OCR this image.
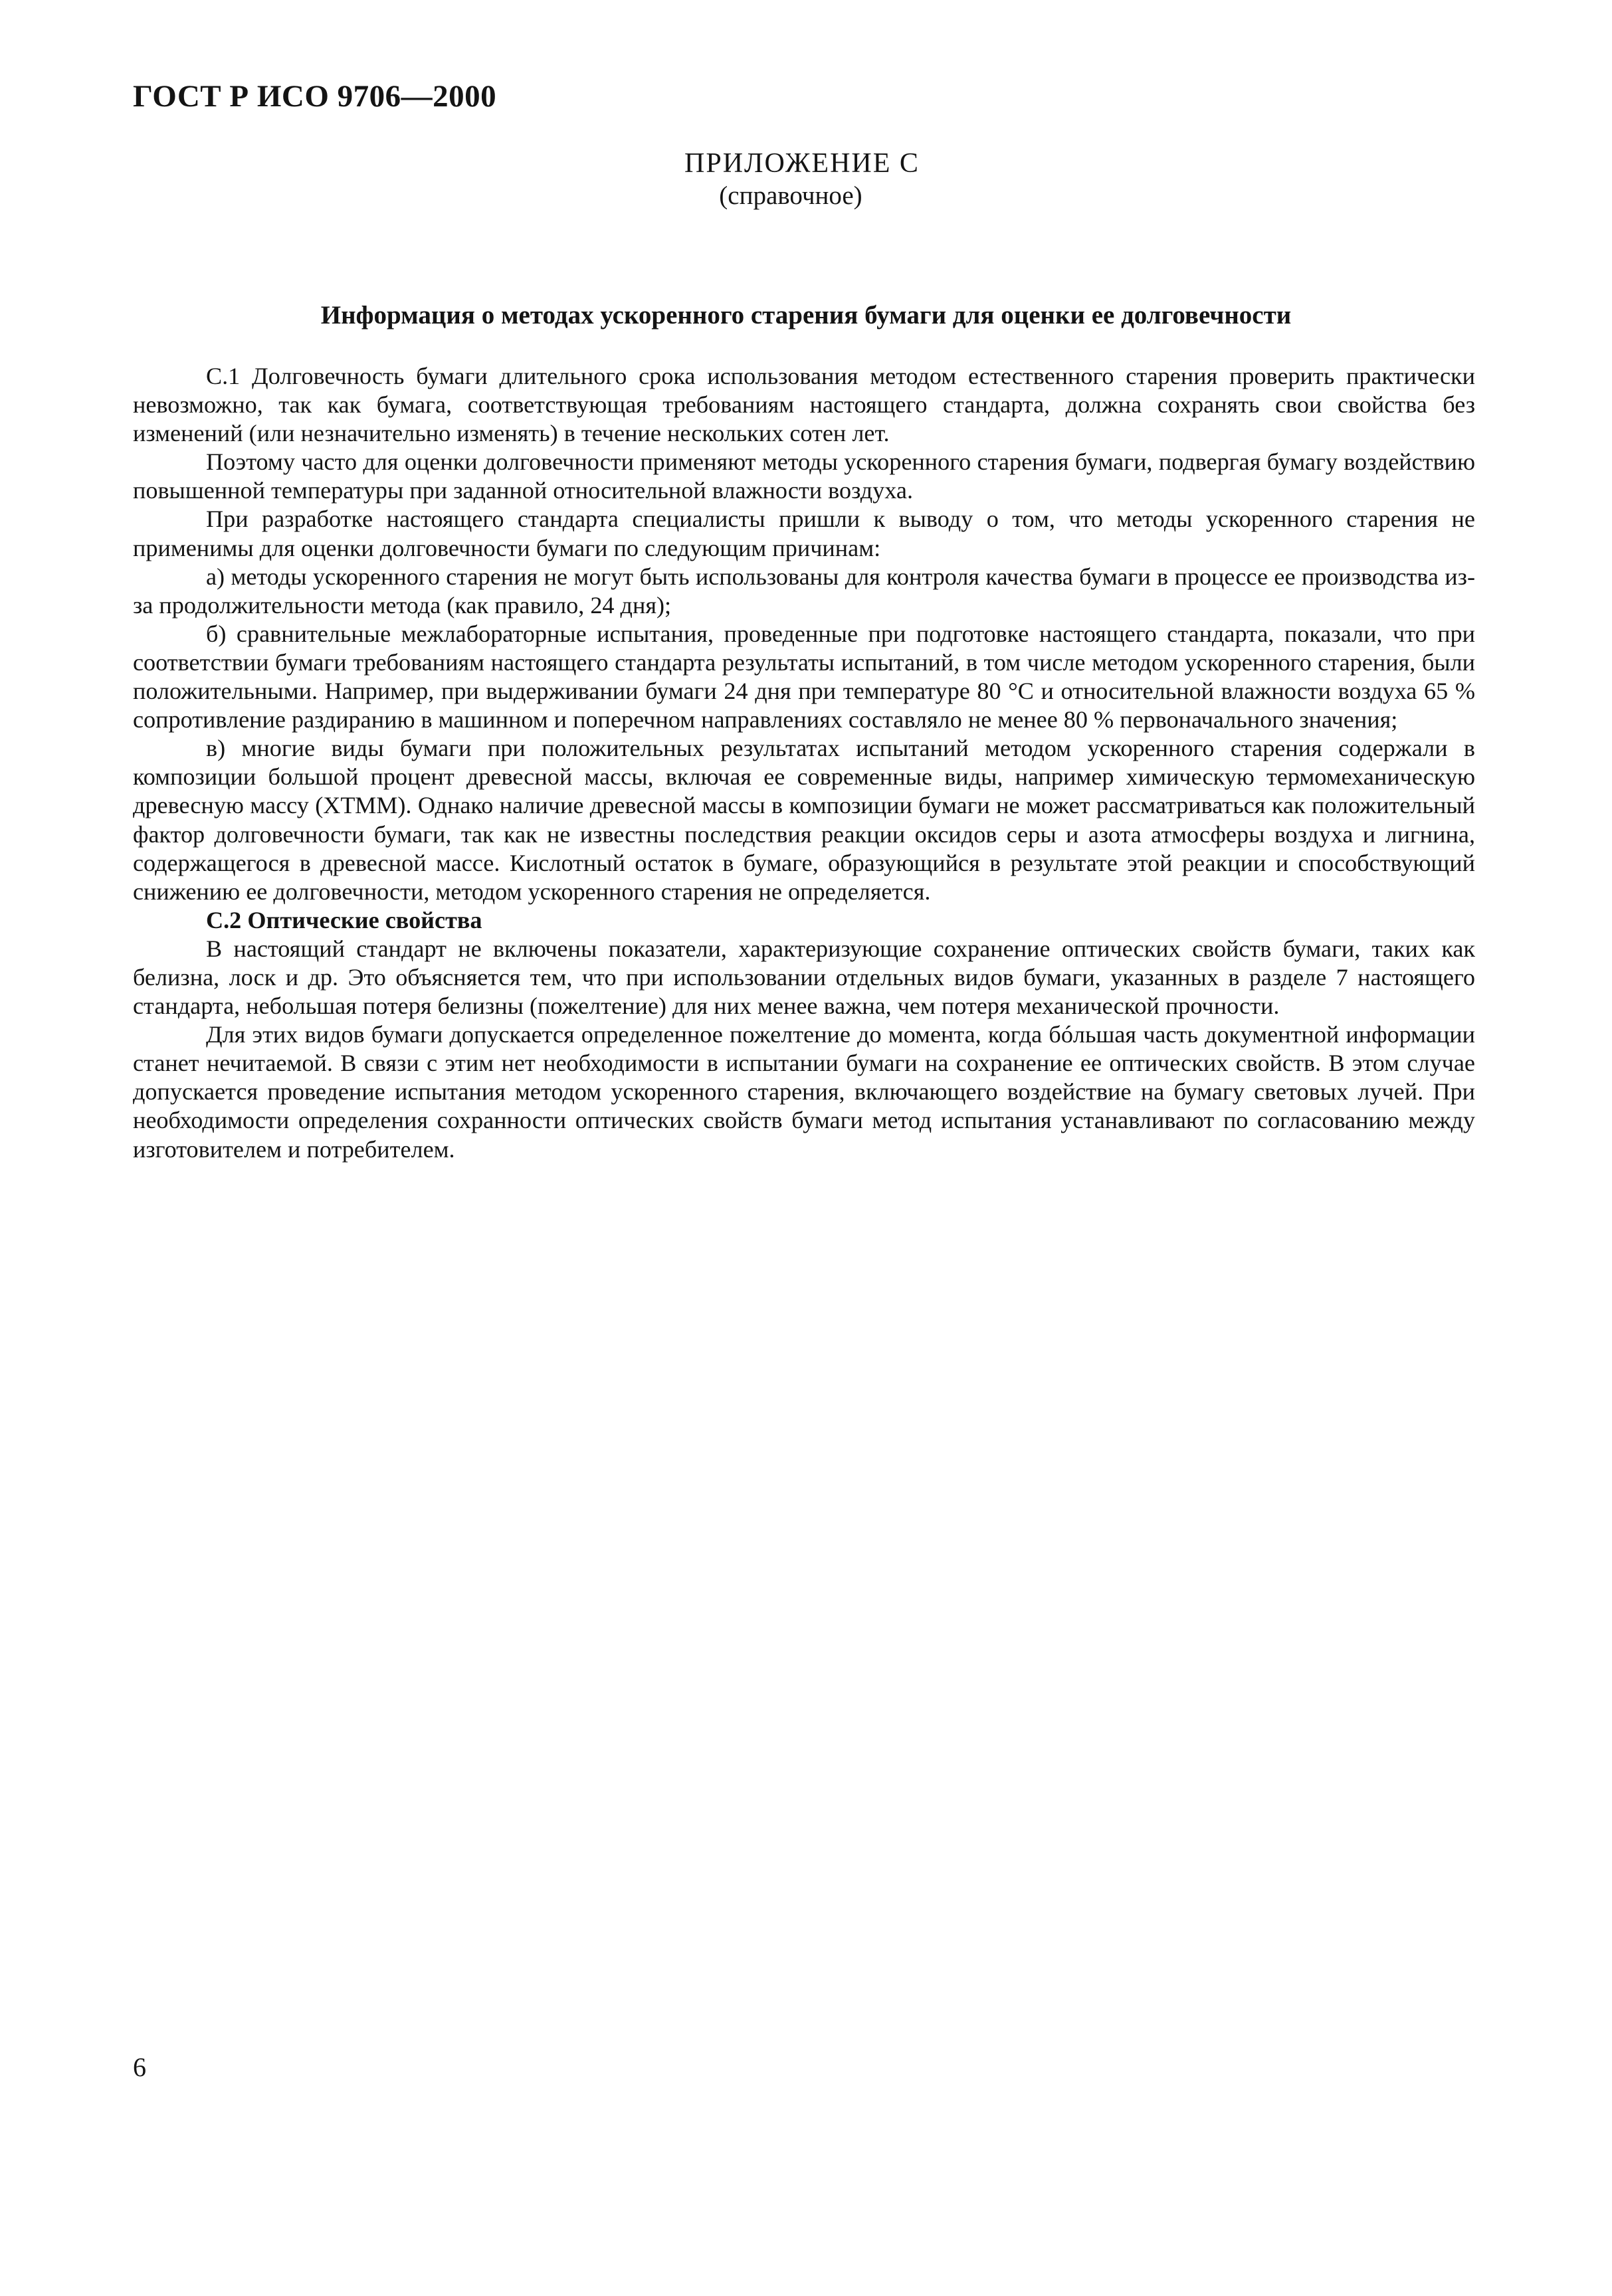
ГОСТ Р ИСО 9706—2000
ПРИЛОЖЕНИЕ С
(справочное)
Информация о методах ускоренного старения бумаги для оценки ее долговечности

С.1 Долговечность бумаги длительного срока использования методом естественного старения проверить практически невозможно, так как бумага, соответствующая требованиям настоящего стандарта, должна сохранять свои свойства без изменений (или незначительно изменять) в течение нескольких сотен лет.

Поэтому часто для оценки долговечности применяют методы ускоренного старения бумаги, подвергая бумагу воздействию повышенной температуры при заданной относительной влажности воздуха.

При разработке настоящего стандарта специалисты пришли к выводу о том, что методы ускоренного старения не применимы для оценки долговечности бумаги по следующим причинам:

а) методы ускоренного старения не могут быть использованы для контроля качества бумаги в процессе ее производства из-за продолжительности метода (как правило, 24 дня);

б) сравнительные межлабораторные испытания, проведенные при подготовке настоящего стандарта, показали, что при соответствии бумаги требованиям настоящего стандарта результаты испытаний, в том числе методом ускоренного старения, были положительными. Например, при выдерживании бумаги 24 дня при температуре 80 °С и относительной влажности воздуха 65 % сопротивление раздиранию в машинном и поперечном направлениях составляло не менее 80 % первоначального значения;

в) многие виды бумаги при положительных результатах испытаний методом ускоренного старения содержали в композиции большой процент древесной массы, включая ее современные виды, например химическую термомеханическую древесную массу (ХТММ). Однако наличие древесной массы в композиции бумаги не может рассматриваться как положительный фактор долговечности бумаги, так как не известны последствия реакции оксидов серы и азота атмосферы воздуха и лигнина, содержащегося в древесной массе. Кислотный остаток в бумаге, образующийся в результате этой реакции и способствующий снижению ее долговечности, методом ускоренного старения не определяется.

С.2 Оптические свойства

В настоящий стандарт не включены показатели, характеризующие сохранение оптических свойств бумаги, таких как белизна, лоск и др. Это объясняется тем, что при использовании отдельных видов бумаги, указанных в разделе 7 настоящего стандарта, небольшая потеря белизны (пожелтение) для них менее важна, чем потеря механической прочности.

Для этих видов бумаги допускается определенное пожелтение до момента, когда бóльшая часть документной информации станет нечитаемой. В связи с этим нет необходимости в испытании бумаги на сохранение ее оптических свойств. В этом случае допускается проведение испытания методом ускоренного старения, включающего воздействие на бумагу световых лучей. При необходимости определения сохранности оптических свойств бумаги метод испытания устанавливают по согласованию между изготовителем и потребителем.

6
